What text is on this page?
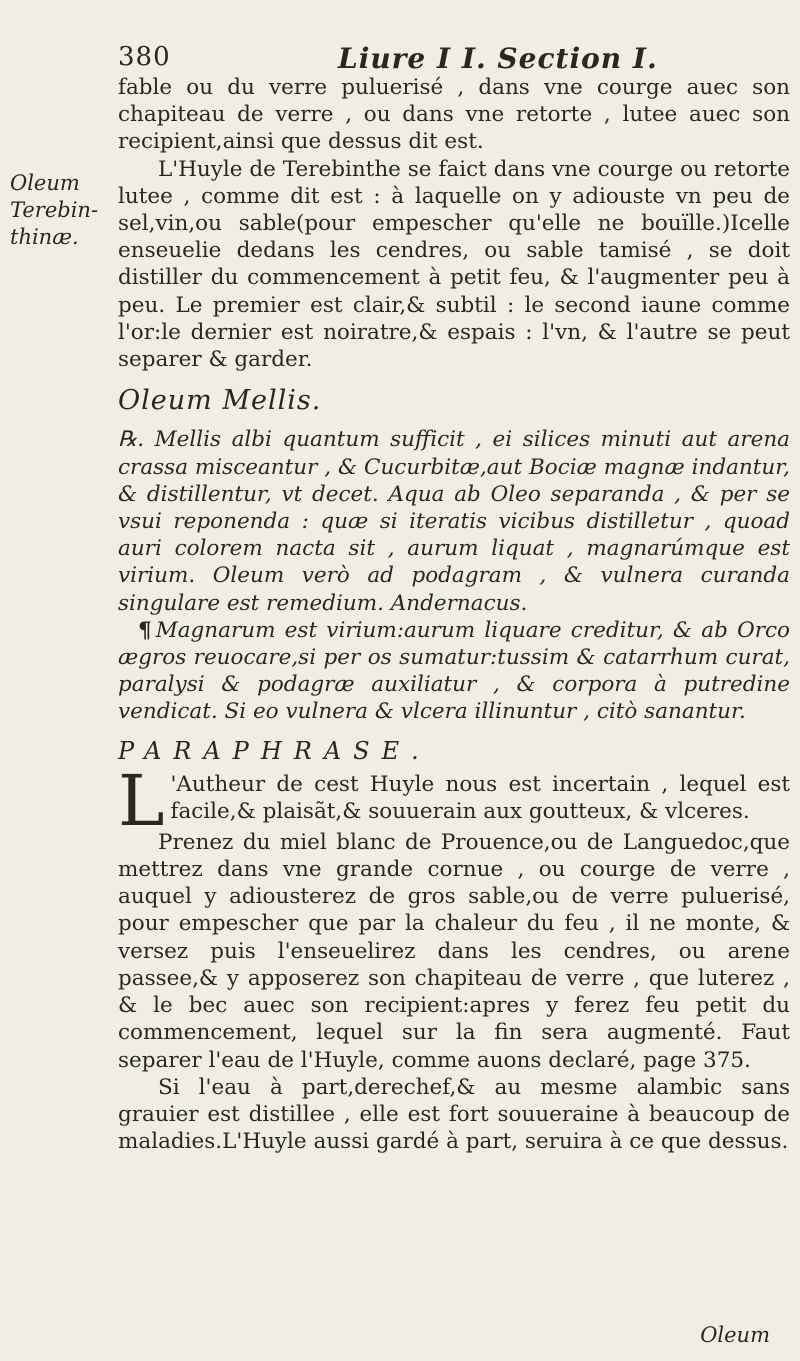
380	Liure I I. Section I.
Oleum Terebin-thinæ.

fable ou du verre puluerisé , dans vne courge auec son chapiteau de verre , ou dans vne retorte , lutee auec son recipient,ainsi que dessus dit est.

L'Huyle de Terebinthe se faict dans vne courge ou retorte lutee , comme dit est : à laquelle on y adiouste vn peu de sel,vin,ou sable(pour empescher qu'elle ne bouïlle.)Icelle enseuelie dedans les cendres, ou sable tamisé , se doit distiller du commencement à petit feu, & l'augmenter peu à peu. Le premier est clair,& subtil : le second iaune comme l'or:le dernier est noiratre,& espais : l'vn, & l'autre se peut separer & garder.

Oleum Mellis.

℞. Mellis albi quantum sufficit , ei silices minuti aut arena crassa misceantur , & Cucurbitæ,aut Bociæ magnæ indantur, & distillentur, vt decet. Aqua ab Oleo separanda , & per se vsui reponenda : quæ si iteratis vicibus distilletur , quoad auri colorem nacta sit , aurum liquat , magnarúmque est virium. Oleum verò ad podagram , & vulnera curanda singulare est remedium. Andernacus.

¶ Magnarum est virium:aurum liquare creditur, & ab Orco ægros reuocare,si per os sumatur:tussim & catarrhum curat, paralysi & podagræ auxiliatur , & corpora à putredine vendicat. Si eo vulnera & vlcera illinuntur , citò sanantur.

PARAPHRASE.

L 'Autheur de cest Huyle nous est incertain , lequel est facile,& plaisãt,& souuerain aux goutteux, & vlceres.

Prenez du miel blanc de Prouence,ou de Languedoc,que mettrez dans vne grande cornue , ou courge de verre , auquel y adiousterez de gros sable,ou de verre puluerisé, pour empescher que par la chaleur du feu , il ne monte, & versez puis l'enseuelirez dans les cendres, ou arene passee,& y apposerez son chapiteau de verre , que luterez , & le bec auec son recipient:apres y ferez feu petit du commencement, lequel sur la fin sera augmenté. Faut separer l'eau de l'Huyle, comme auons declaré, page 375.

Si l'eau à part,derechef,& au mesme alambic sans grauier est distillee , elle est fort souueraine à beaucoup de maladies.L'Huyle aussi gardé à part, seruira à ce que dessus.

Oleum
